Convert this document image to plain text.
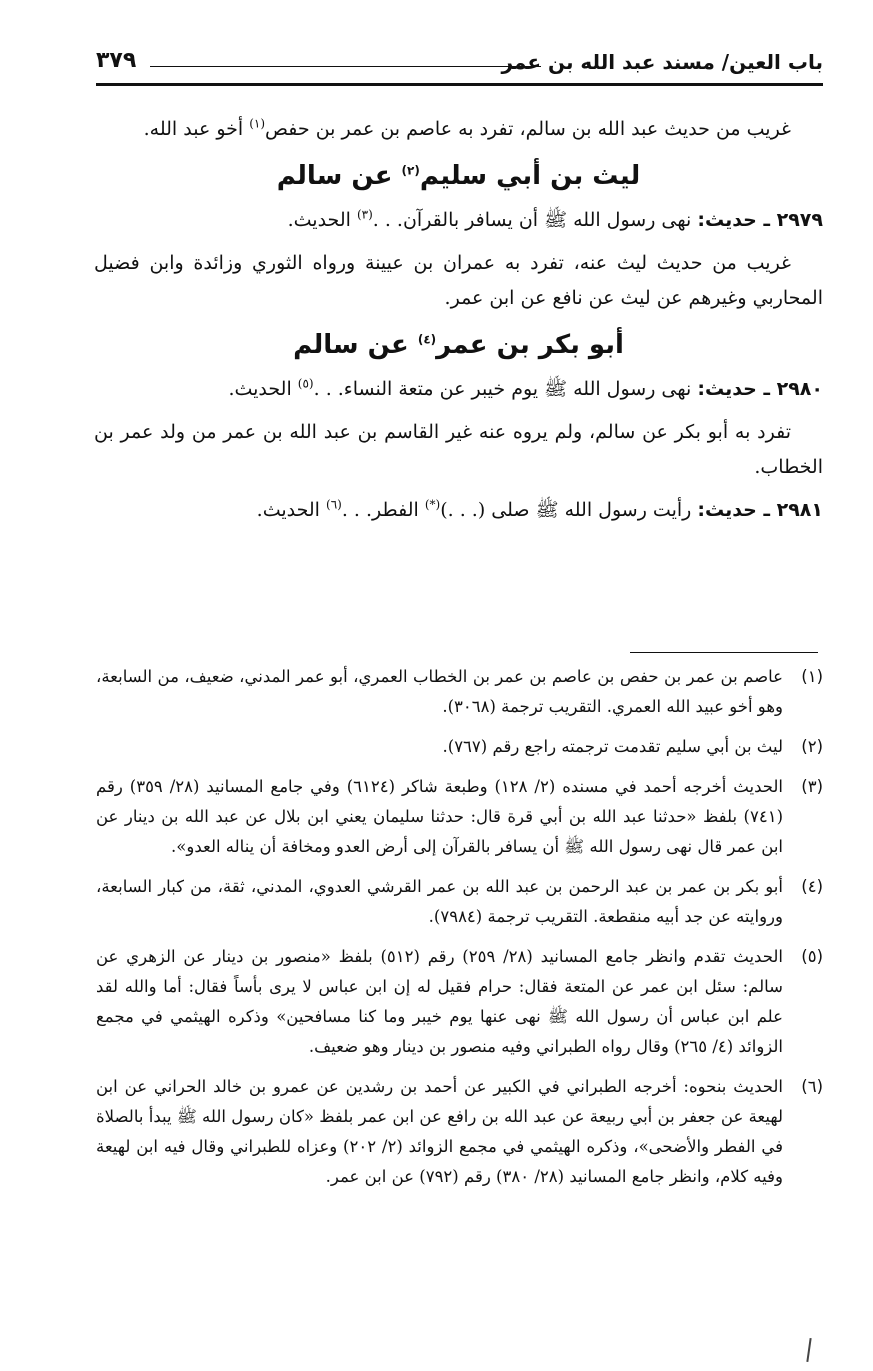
باب العين/ مسند عبد الله بن عمر
٣٧٩

غريب من حديث عبد الله بن سالم، تفرد به عاصم بن عمر بن حفص$^{(١)}$ أخو عبد الله.

ليث بن أبي سليم$^{(٢)}$ عن سالم

٢٩٧٩ ـ حديث: نهى رسول الله ﷺ أن يسافر بالقرآن. . .$^{(٣)}$ الحديث.

غريب من حديث ليث عنه، تفرد به عمران بن عيينة ورواه الثوري وزائدة وابن فضيل المحاربي وغيرهم عن ليث عن نافع عن ابن عمر.

أبو بكر بن عمر$^{(٤)}$ عن سالم

٢٩٨٠ ـ حديث: نهى رسول الله ﷺ يوم خيبر عن متعة النساء. . .$^{(٥)}$ الحديث.

تفرد به أبو بكر عن سالم، ولم يروه عنه غير القاسم بن عبد الله بن عمر من ولد عمر بن الخطاب.

٢٩٨١ ـ حديث: رأيت رسول الله ﷺ صلى (. . .)(*) الفطر. . .$^{(٦)}$ الحديث.

(١)
عاصم بن عمر بن حفص بن عاصم بن عمر بن الخطاب العمري، أبو عمر المدني، ضعيف، من السابعة، وهو أخو عبيد الله العمري. التقريب ترجمة (٣٠٦٨).
(٢)
ليث بن أبي سليم تقدمت ترجمته راجع رقم (٧٦٧).
(٣)
الحديث أخرجه أحمد في مسنده (٢/ ١٢٨) وطبعة شاكر (٦١٢٤) وفي جامع المسانيد (٢٨/ ٣٥٩) رقم (٧٤١) بلفظ «حدثنا عبد الله بن أبي قرة قال: حدثنا سليمان يعني ابن بلال عن عبد الله بن دينار عن ابن عمر قال نهى رسول الله ﷺ أن يسافر بالقرآن إلى أرض العدو ومخافة أن يناله العدو».
(٤)
أبو بكر بن عمر بن عبد الرحمن بن عبد الله بن عمر القرشي العدوي، المدني، ثقة، من كبار السابعة، وروايته عن جد أبيه منقطعة. التقريب ترجمة (٧٩٨٤).
(٥)
الحديث تقدم وانظر جامع المسانيد (٢٨/ ٢٥٩) رقم (٥١٢) بلفظ «منصور بن دينار عن الزهري عن سالم: سئل ابن عمر عن المتعة فقال: حرام فقيل له إن ابن عباس لا يرى بأساً فقال: أما والله لقد علم ابن عباس أن رسول الله ﷺ نهى عنها يوم خيبر وما كنا مسافحين» وذكره الهيثمي في مجمع الزوائد (٤/ ٢٦٥) وقال رواه الطبراني وفيه منصور بن دينار وهو ضعيف.
(٦)
الحديث بنحوه: أخرجه الطبراني في الكبير عن أحمد بن رشدين عن عمرو بن خالد الحراني عن ابن لهيعة عن جعفر بن أبي ربيعة عن عبد الله بن رافع عن ابن عمر بلفظ «كان رسول الله ﷺ يبدأ بالصلاة في الفطر والأضحى»، وذكره الهيثمي في مجمع الزوائد (٢/ ٢٠٢) وعزاه للطبراني وقال فيه ابن لهيعة وفيه كلام، وانظر جامع المسانيد (٢٨/ ٣٨٠) رقم (٧٩٢) عن ابن عمر.
